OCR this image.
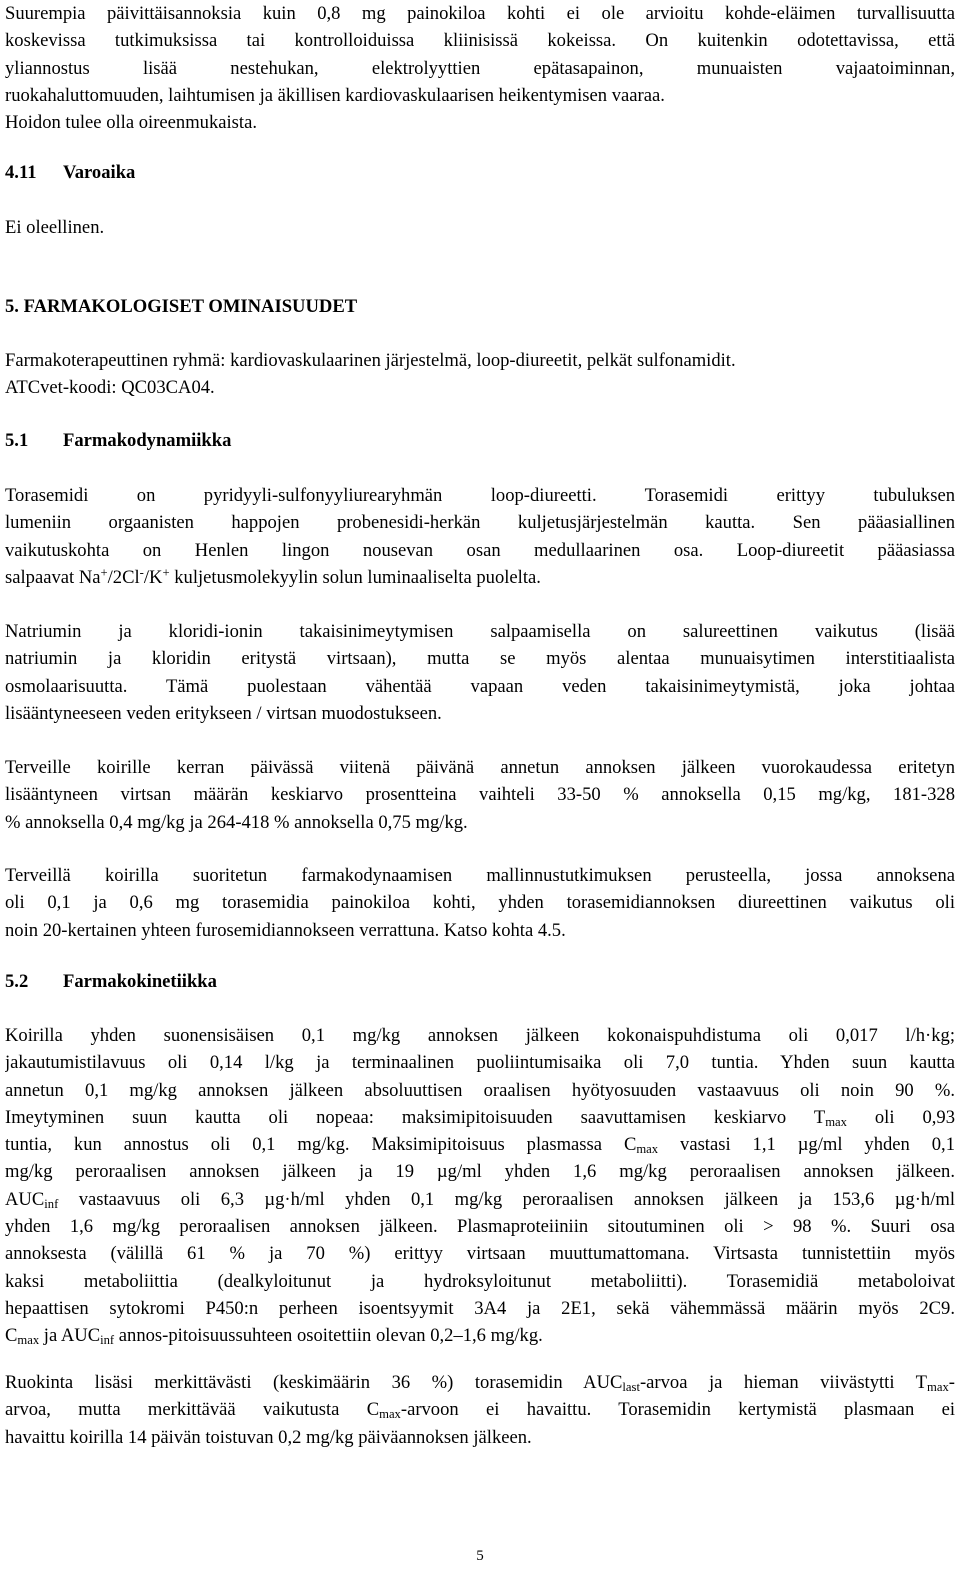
Suurempia päivittäisannoksia kuin 0,8 mg painokiloa kohti ei ole arvioitu kohde-eläimen turvallisuutta
koskevissa tutkimuksissa tai kontrolloiduissa kliinisissä kokeissa. On kuitenkin odotettavissa, että
yliannostus lisää nestehukan, elektrolyyttien epätasapainon, munuaisten vajaatoiminnan,
ruokahaluttomuuden, laihtumisen ja äkillisen kardiovaskulaarisen heikentymisen vaaraa.
Hoidon tulee olla oireenmukaista.
4.11 Varoaika
Ei oleellinen.
5. FARMAKOLOGISET OMINAISUUDET
Farmakoterapeuttinen ryhmä: kardiovaskulaarinen järjestelmä, loop-diureetit, pelkät sulfonamidit.
ATCvet-koodi: QC03CA04.
5.1 Farmakodynamiikka
Torasemidi on pyridyyli-sulfonyyliurearyhmän loop-diureetti. Torasemidi erittyy tubuluksen
lumeniin orgaanisten happojen probenesidi-herkän kuljetusjärjestelmän kautta. Sen pääasiallinen
vaikutuskohta on Henlen lingon nousevan osan medullaarinen osa. Loop-diureetit pääasiassa
salpaavat Na+/2Cl-/K+ kuljetusmolekyylin solun luminaaliselta puolelta.
Natriumin ja kloridi-ionin takaisinimeytymisen salpaamisella on salureettinen vaikutus (lisää
natriumin ja kloridin eritystä virtsaan), mutta se myös alentaa munuaisytimen interstitiaalista
osmolaarisuutta. Tämä puolestaan vähentää vapaan veden takaisinimeytymistä, joka johtaa
lisääntyneeseen veden eritykseen / virtsan muodostukseen.
Terveille koirille kerran päivässä viitenä päivänä annetun annoksen jälkeen vuorokaudessa eritetyn
lisääntyneen virtsan määrän keskiarvo prosentteina vaihteli 33-50 % annoksella 0,15 mg/kg, 181-328
% annoksella 0,4 mg/kg ja 264-418 % annoksella 0,75 mg/kg.
Terveillä koirilla suoritetun farmakodynaamisen mallinnustutkimuksen perusteella, jossa annoksena
oli 0,1 ja 0,6 mg torasemidia painokiloa kohti, yhden torasemidiannoksen diureettinen vaikutus oli
noin 20-kertainen yhteen furosemidiannokseen verrattuna. Katso kohta 4.5.
5.2 Farmakokinetiikka
Koirilla yhden suonensisäisen 0,1 mg/kg annoksen jälkeen kokonaispuhdistuma oli 0,017 l/h·kg;
jakautumistilavuus oli 0,14 l/kg ja terminaalinen puoliintumisaika oli 7,0 tuntia. Yhden suun kautta
annetun 0,1 mg/kg annoksen jälkeen absoluuttisen oraalisen hyötyosuuden vastaavuus oli noin 90 %.
Imeytyminen suun kautta oli nopeaa: maksimipitoisuuden saavuttamisen keskiarvo $T_{max}$ oli 0,93
tuntia, kun annostus oli 0,1 mg/kg. Maksimipitoisuus plasmassa $C_{max}$ vastasi 1,1 µg/ml yhden 0,1
mg/kg peroraalisen annoksen jälkeen ja 19 µg/ml yhden 1,6 mg/kg peroraalisen annoksen jälkeen.
$AUC_{inf}$ vastaavuus oli 6,3 µg·h/ml yhden 0,1 mg/kg peroraalisen annoksen jälkeen ja 153,6 µg·h/ml
yhden 1,6 mg/kg peroraalisen annoksen jälkeen. Plasmaproteiiniin sitoutuminen oli > 98 %. Suuri osa
annoksesta (välillä 61 % ja 70 %) erittyy virtsaan muuttumattomana. Virtsasta tunnistettiin myös
kaksi metaboliittia (dealkyloitunut ja hydroksyloitunut metaboliitti). Torasemidiä metaboloivat
hepaattisen sytokromi P450:n perheen isoentsyymit 3A4 ja 2E1, sekä vähemmässä määrin myös 2C9.
$C_{max}$ ja $AUC_{inf}$ annos-pitoisuussuhteen osoitettiin olevan 0,2–1,6 mg/kg.
Ruokinta lisäsi merkittävästi (keskimäärin 36 %) torasemidin $AUC_{last}$-arvoa ja hieman viivästytti $T_{max}-$
arvoa, mutta merkittävää vaikutusta $C_{max}$-arvoon ei havaittu. Torasemidin kertymistä plasmaan ei
havaittu koirilla 14 päivän toistuvan 0,2 mg/kg päiväannoksen jälkeen.
5
